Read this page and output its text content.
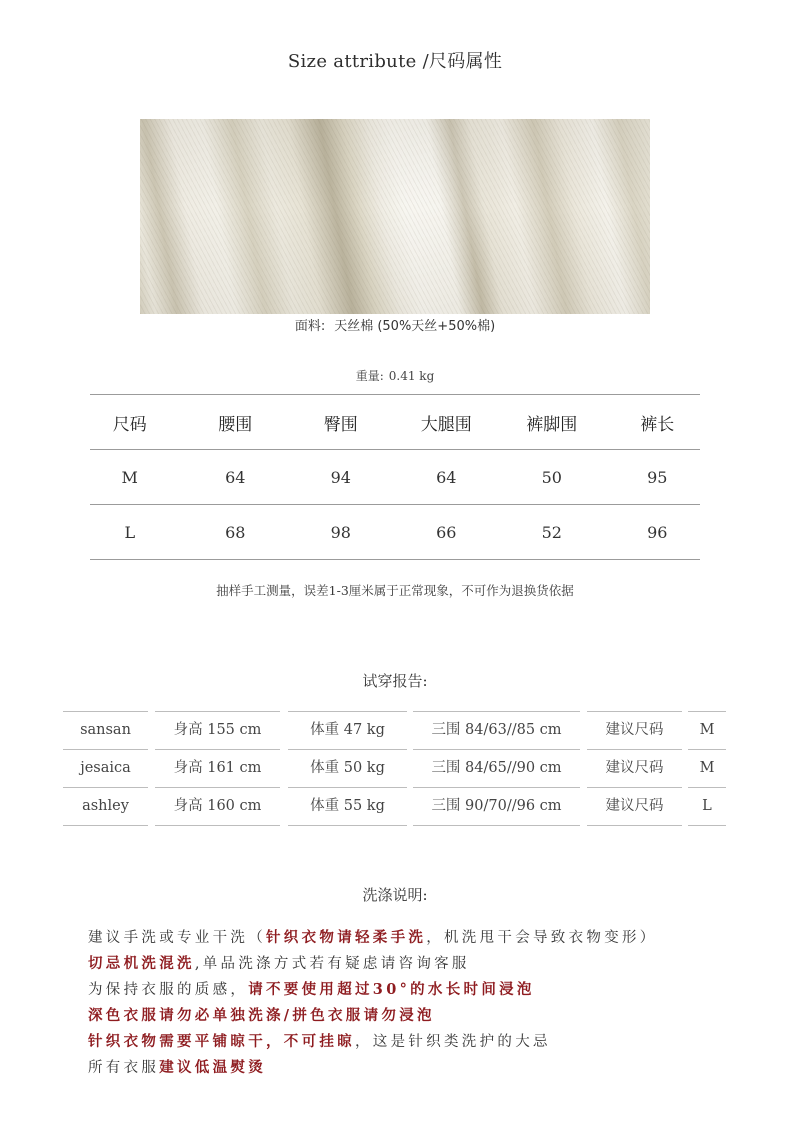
Size attribute /尺码属性
面料: 天丝棉 (50%天丝+50%棉)
重量: 0.41 kg
尺码	腰围	臀围	大腿围	裤脚围	裤长
M	64	94	64	50	95
L	68	98	66	52	96
抽样手工测量，误差1-3厘米属于正常现象，不可作为退换货依据
试穿报告:
sansan	身高 155 cm	体重 47 kg	三围 84/63//85 cm	建议尺码	M
jesaica	身高 161 cm	体重 50 kg	三围 84/65//90 cm	建议尺码	M
ashley	身高 160 cm	体重 55 kg	三围 90/70//96 cm	建议尺码	L
洗涤说明:
建议手洗或专业干洗（针织衣物请轻柔手洗，机洗甩干会导致衣物变形）
切忌机洗混洗,单品洗涤方式若有疑虑请咨询客服
为保持衣服的质感，请不要使用超过30°的水长时间浸泡
深色衣服请勿必单独洗涤/拼色衣服请勿浸泡
针织衣物需要平铺晾干，不可挂晾，这是针织类洗护的大忌
所有衣服建议低温熨烫
